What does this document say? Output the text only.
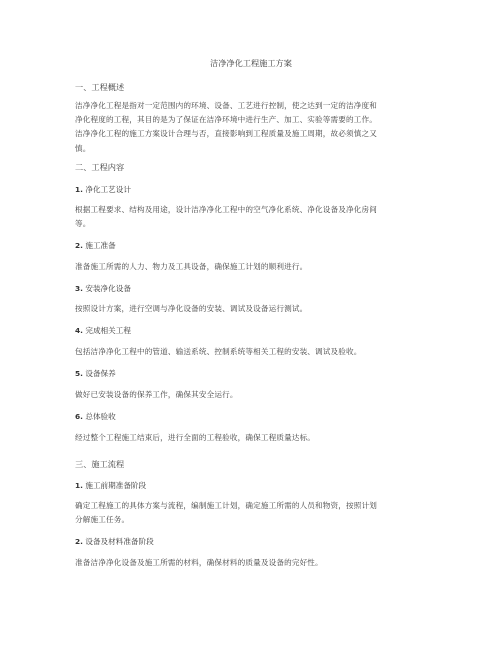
洁净净化工程施工方案
一、工程概述
洁净净化工程是指对一定范围内的环境、设备、工艺进行控制，使之达到一定的洁净度和
净化程度的工程，其目的是为了保证在洁净环境中进行生产、加工、实验等需要的工作。
洁净净化工程的施工方案设计合理与否，直接影响到工程质量及施工周期，故必须慎之又
慎。
二、工程内容
1. 净化工艺设计
根据工程要求、结构及用途，设计洁净净化工程中的空气净化系统、净化设备及净化房间
等。
2. 施工准备
准备施工所需的人力、物力及工具设备，确保施工计划的顺利进行。
3. 安装净化设备
按照设计方案，进行空调与净化设备的安装、调试及设备运行测试。
4. 完成相关工程
包括洁净净化工程中的管道、输送系统、控制系统等相关工程的安装、调试及验收。
5. 设备保养
做好已安装设备的保养工作，确保其安全运行。
6. 总体验收
经过整个工程施工结束后，进行全面的工程验收，确保工程质量达标。
三、施工流程
1. 施工前期准备阶段
确定工程施工的具体方案与流程，编制施工计划，确定施工所需的人员和物资，按照计划
分解施工任务。
2. 设备及材料准备阶段
准备洁净净化设备及施工所需的材料，确保材料的质量及设备的完好性。
